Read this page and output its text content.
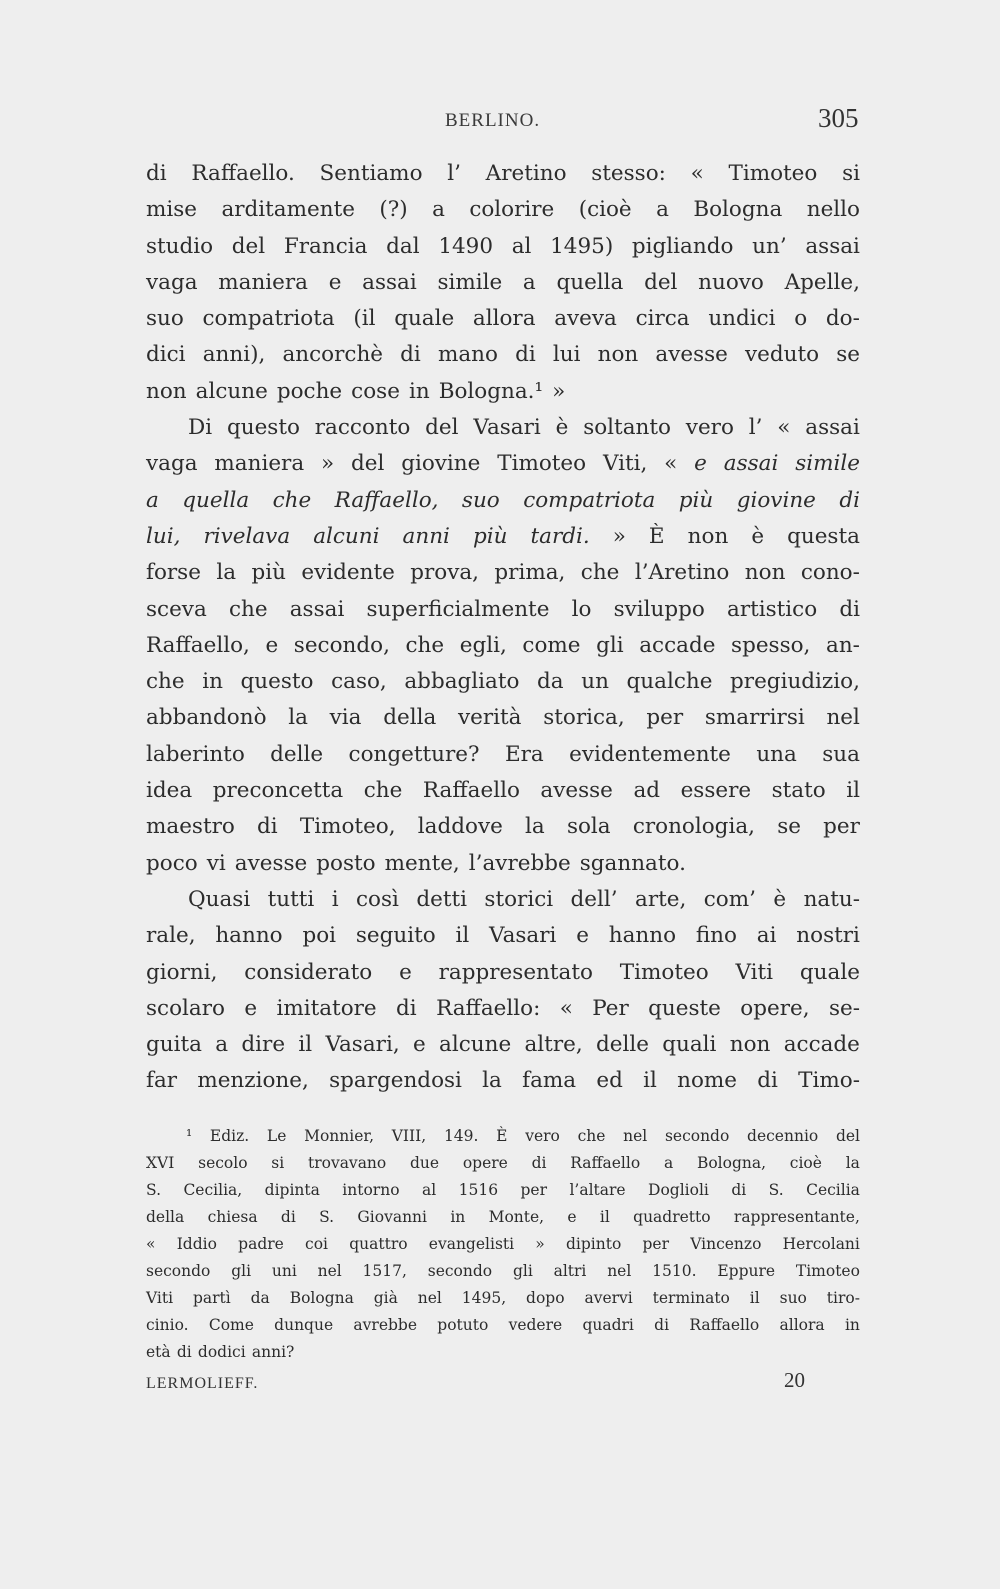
BERLINO.	305
di Raffaello. Sentiamo l’ Aretino stesso: « Timoteo si
mise arditamente (?) a colorire (cioè a Bologna nello
studio del Francia dal 1490 al 1495) pigliando un’ assai
vaga maniera e assai simile a quella del nuovo Apelle,
suo compatriota (il quale allora aveva circa undici o do-
dici anni), ancorchè di mano di lui non avesse veduto se
non alcune poche cose in Bologna.¹ »
Di questo racconto del Vasari è soltanto vero l’ « assai
vaga maniera » del giovine Timoteo Viti, « e assai simile
a quella che Raffaello, suo compatriota più giovine di
lui, rivelava alcuni anni più tardi. » È non è questa
forse la più evidente prova, prima, che l’Aretino non cono-
sceva che assai superficialmente lo sviluppo artistico di
Raffaello, e secondo, che egli, come gli accade spesso, an-
che in questo caso, abbagliato da un qualche pregiudizio,
abbandonò la via della verità storica, per smarrirsi nel
laberinto delle congetture? Era evidentemente una sua
idea preconcetta che Raffaello avesse ad essere stato il
maestro di Timoteo, laddove la sola cronologia, se per
poco vi avesse posto mente, l’avrebbe sgannato.
Quasi tutti i così detti storici dell’ arte, com’ è natu-
rale, hanno poi seguito il Vasari e hanno fino ai nostri
giorni, considerato e rappresentato Timoteo Viti quale
scolaro e imitatore di Raffaello: « Per queste opere, se-
guita a dire il Vasari, e alcune altre, delle quali non accade
far menzione, spargendosi la fama ed il nome di Timo-
¹ Ediz. Le Monnier, VIII, 149. È vero che nel secondo decennio del
XVI secolo si trovavano due opere di Raffaello a Bologna, cioè la
S. Cecilia, dipinta intorno al 1516 per l’altare Doglioli di S. Cecilia
della chiesa di S. Giovanni in Monte, e il quadretto rappresentante,
« Iddio padre coi quattro evangelisti » dipinto per Vincenzo Hercolani
secondo gli uni nel 1517, secondo gli altri nel 1510. Eppure Timoteo
Viti partì da Bologna già nel 1495, dopo avervi terminato il suo tiro-
cinio. Come dunque avrebbe potuto vedere quadri di Raffaello allora in
età di dodici anni?
LERMOLIEFF.	20
